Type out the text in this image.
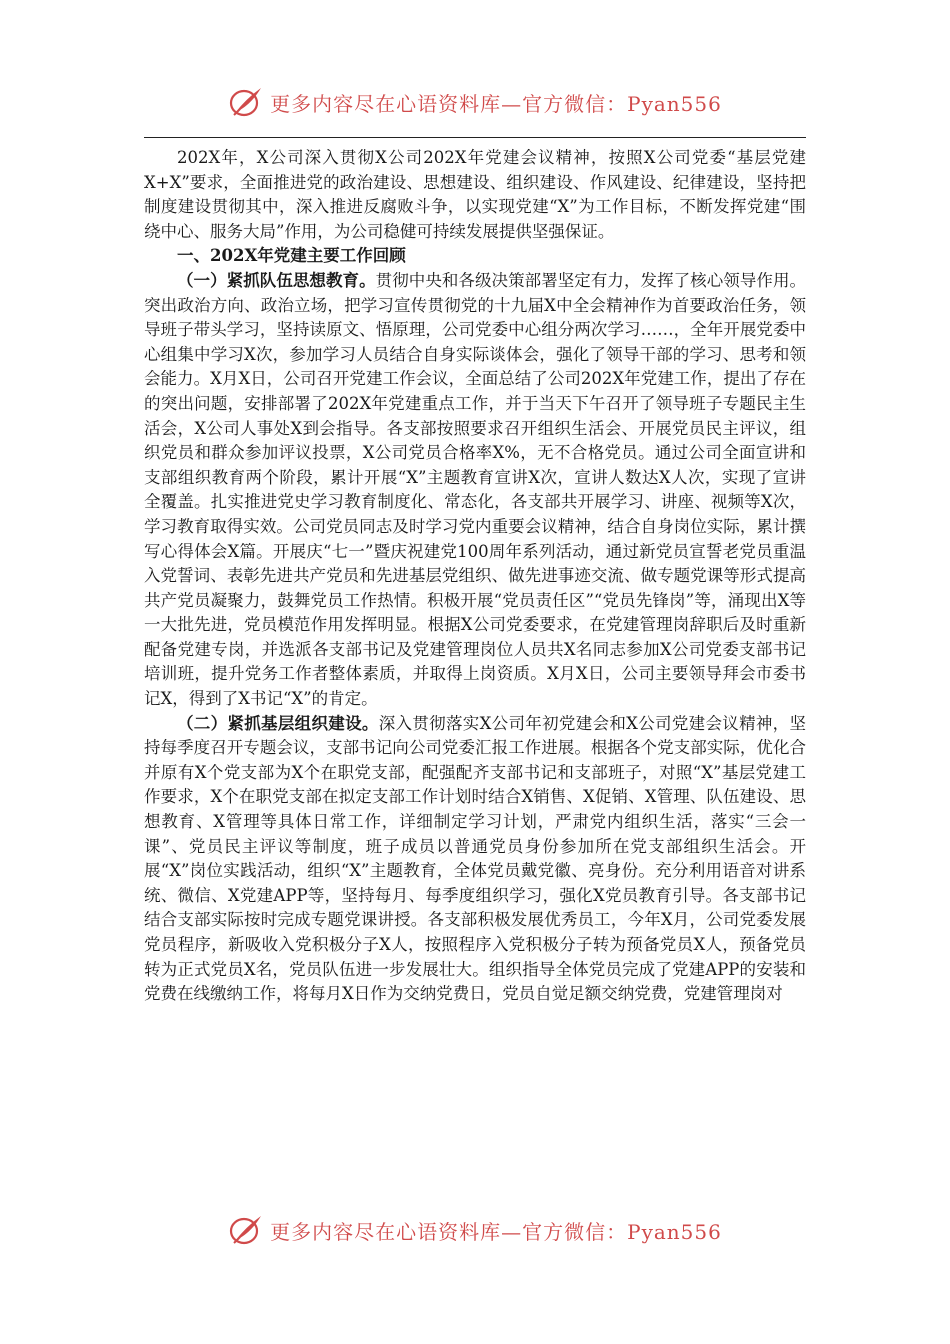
更多内容尽在心语资料库—官方微信：Pyan556

202X年，X公司深入贯彻X公司202X年党建会议精神，按照X公司党委“基层党建X+X”要求，全面推进党的政治建设、思想建设、组织建设、作风建设、纪律建设，坚持把制度建设贯彻其中，深入推进反腐败斗争，以实现党建“X”为工作目标，不断发挥党建“围绕中心、服务大局”作用，为公司稳健可持续发展提供坚强保证。

一、202X年党建主要工作回顾

（一）紧抓队伍思想教育。贯彻中央和各级决策部署坚定有力，发挥了核心领导作用。突出政治方向、政治立场，把学习宣传贯彻党的十九届X中全会精神作为首要政治任务，领导班子带头学习，坚持读原文、悟原理，公司党委中心组分两次学习……，全年开展党委中心组集中学习X次，参加学习人员结合自身实际谈体会，强化了领导干部的学习、思考和领会能力。X月X日，公司召开党建工作会议，全面总结了公司202X年党建工作，提出了存在的突出问题，安排部署了202X年党建重点工作，并于当天下午召开了领导班子专题民主生活会，X公司人事处X到会指导。各支部按照要求召开组织生活会、开展党员民主评议，组织党员和群众参加评议投票，X公司党员合格率X%，无不合格党员。通过公司全面宣讲和支部组织教育两个阶段，累计开展“X”主题教育宣讲X次，宣讲人数达X人次，实现了宣讲全覆盖。扎实推进党史学习教育制度化、常态化，各支部共开展学习、讲座、视频等X次，学习教育取得实效。公司党员同志及时学习党内重要会议精神，结合自身岗位实际，累计撰写心得体会X篇。开展庆“七一”暨庆祝建党100周年系列活动，通过新党员宣誓老党员重温入党誓词、表彰先进共产党员和先进基层党组织、做先进事迹交流、做专题党课等形式提高共产党员凝聚力，鼓舞党员工作热情。积极开展“党员责任区”“党员先锋岗”等，涌现出X等一大批先进，党员模范作用发挥明显。根据X公司党委要求，在党建管理岗辞职后及时重新配备党建专岗，并选派各支部书记及党建管理岗位人员共X名同志参加X公司党委支部书记培训班，提升党务工作者整体素质，并取得上岗资质。X月X日，公司主要领导拜会市委书记X，得到了X书记“X”的肯定。

（二）紧抓基层组织建设。深入贯彻落实X公司年初党建会和X公司党建会议精神，坚持每季度召开专题会议，支部书记向公司党委汇报工作进展。根据各个党支部实际，优化合并原有X个党支部为X个在职党支部，配强配齐支部书记和支部班子，对照“X”基层党建工作要求，X个在职党支部在拟定支部工作计划时结合X销售、X促销、X管理、队伍建设、思想教育、X管理等具体日常工作，详细制定学习计划，严肃党内组织生活，落实“三会一课”、党员民主评议等制度，班子成员以普通党员身份参加所在党支部组织生活会。开展“X”岗位实践活动，组织“X”主题教育，全体党员戴党徽、亮身份。充分利用语音对讲系统、微信、X党建APP等，坚持每月、每季度组织学习，强化X党员教育引导。各支部书记结合支部实际按时完成专题党课讲授。各支部积极发展优秀员工，今年X月，公司党委发展党员程序，新吸收入党积极分子X人，按照程序入党积极分子转为预备党员X人，预备党员转为正式党员X名，党员队伍进一步发展壮大。组织指导全体党员完成了党建APP的安装和党费在线缴纳工作，将每月X日作为交纳党费日，党员自觉足额交纳党费，党建管理岗对

更多内容尽在心语资料库—官方微信：Pyan556
